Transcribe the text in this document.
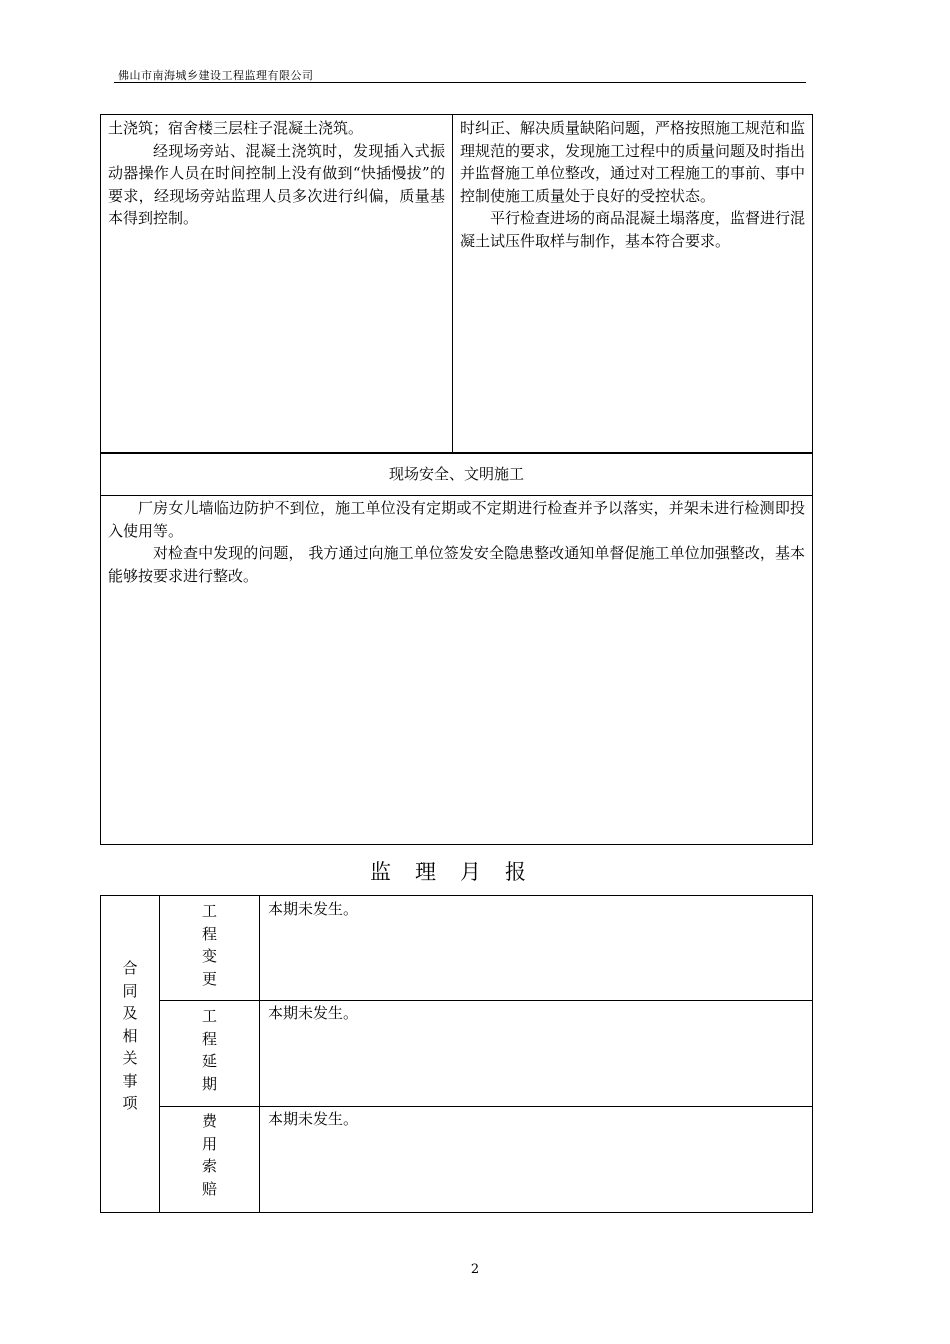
佛山市南海城乡建设工程监理有限公司

土浇筑；宿舍楼三层柱子混凝土浇筑。

经现场旁站、混凝土浇筑时，发现插入式振动器操作人员在时间控制上没有做到“快插慢拔”的要求，经现场旁站监理人员多次进行纠偏，质量基本得到控制。

时纠正、解决质量缺陷问题，严格按照施工规范和监理规范的要求，发现施工过程中的质量问题及时指出并监督施工单位整改，通过对工程施工的事前、事中控制使施工质量处于良好的受控状态。

平行检查进场的商品混凝土塌落度，监督进行混凝土试压件取样与制作，基本符合要求。

现场安全、文明施工

厂房女儿墙临边防护不到位，施工单位没有定期或不定期进行检查并予以落实，并架未进行检测即投入使用等。

对检查中发现的问题， 我方通过向施工单位签发安全隐患整改通知单督促施工单位加强整改，基本能够按要求进行整改。

监理月报
合
同
及
相
关
事
项
工
程
变
更
本期未发生。
工
程
延
期
本期未发生。
费
用
索
赔
本期未发生。
2
